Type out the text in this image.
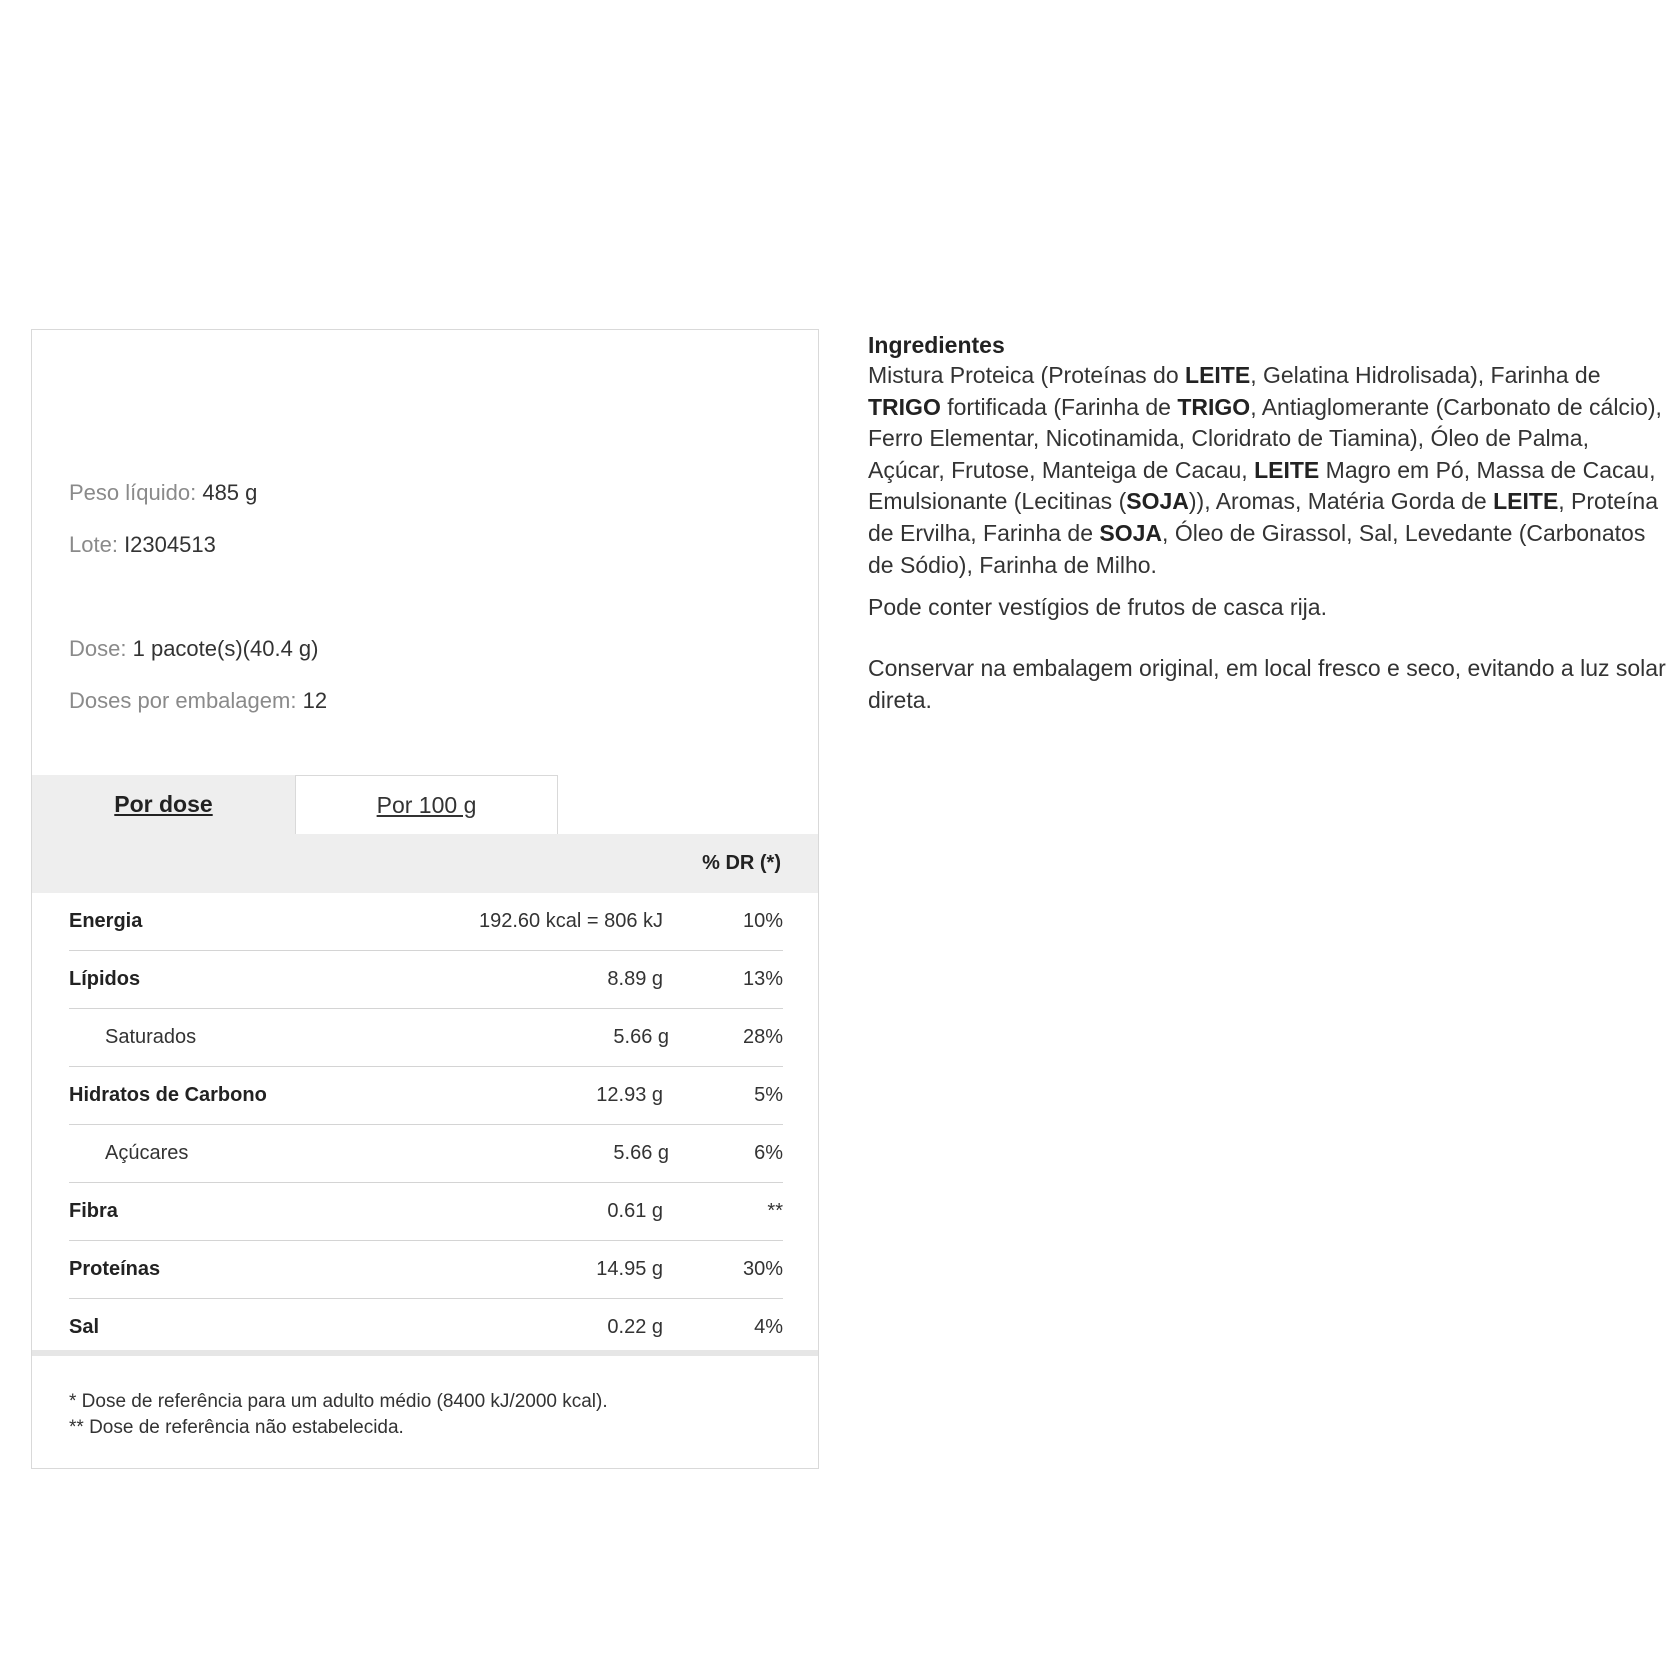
Peso líquido: 485 g
Lote: I2304513
Dose: 1 pacote(s)(40.4 g)
Doses por embalagem: 12
Por dose	Por 100 g
% DR (*)
Energia	192.60 kcal = 806 kJ	10%
Lípidos	8.89 g	13%
Saturados	5.66 g	28%
Hidratos de Carbono	12.93 g	5%
Açúcares	5.66 g	6%
Fibra	0.61 g	**
Proteínas	14.95 g	30%
Sal	0.22 g	4%
* Dose de referência para um adulto médio (8400 kJ/2000 kcal).
** Dose de referência não estabelecida.
Ingredientes
Mistura Proteica (Proteínas do LEITE, Gelatina Hidrolisada), Farinha de TRIGO fortificada (Farinha de TRIGO, Antiaglomerante (Carbonato de cálcio), Ferro Elementar, Nicotinamida, Cloridrato de Tiamina), Óleo de Palma, Açúcar, Frutose, Manteiga de Cacau, LEITE Magro em Pó, Massa de Cacau, Emulsionante (Lecitinas (SOJA)), Aromas, Matéria Gorda de LEITE, Proteína de Ervilha, Farinha de SOJA, Óleo de Girassol, Sal, Levedante (Carbonatos de Sódio), Farinha de Milho.
Pode conter vestígios de frutos de casca rija.
Conservar na embalagem original, em local fresco e seco, evitando a luz solar direta.
